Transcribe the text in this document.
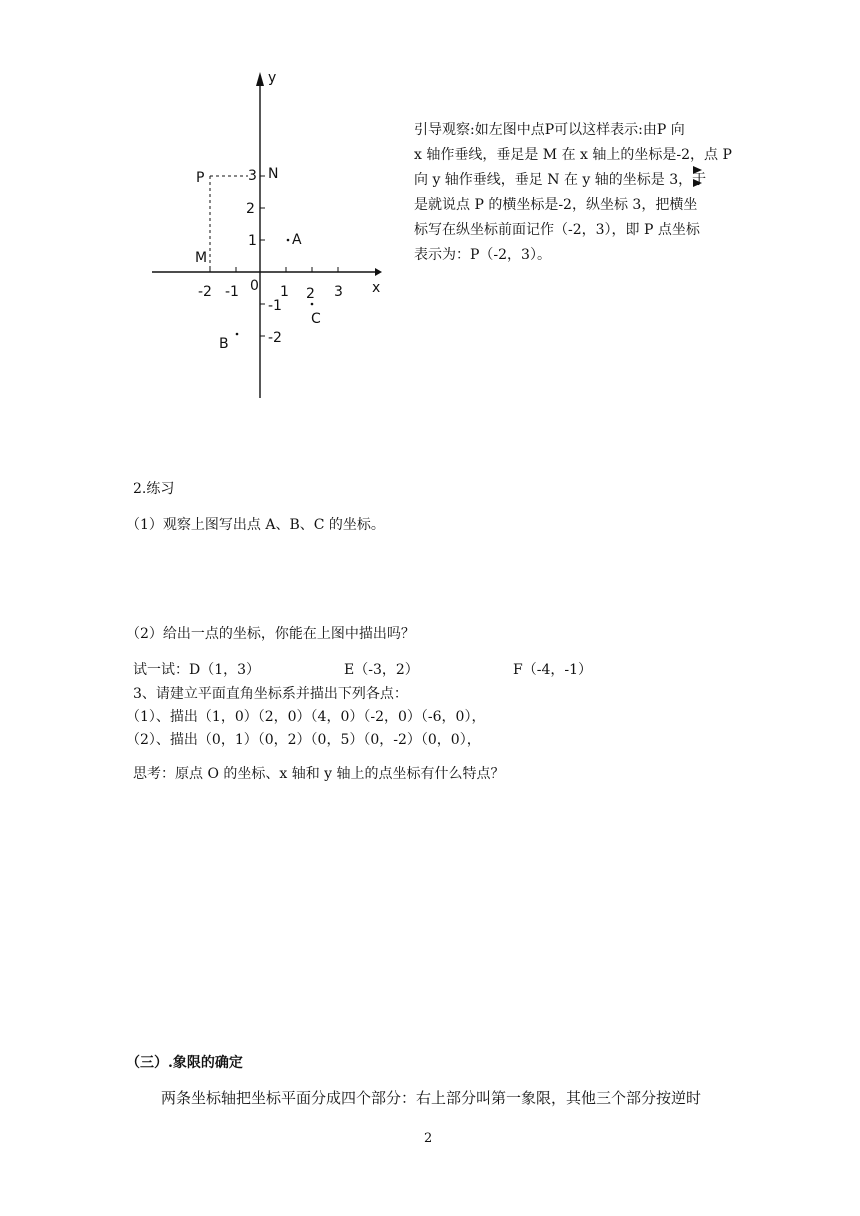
y
x
0
-2 -1	1 2 3
3
2
1
-1
-2
A
B
C
P	N
M
引导观察:如左图中点P可以这样表示:由P 向
x 轴作垂线，垂足是 M 在 x 轴上的坐标是-2，点 P
向 y 轴作垂线，垂足 N 在 y 轴的坐标是 3，于
是就说点 P 的横坐标是-2，纵坐标 3，把横坐
标写在纵坐标前面记作（-2，3），即 P 点坐标
表示为：P（-2，3）。
2.练习
（1）观察上图写出点 A、B、C 的坐标。
（2）给出一点的坐标，你能在上图中描出吗？
试一试：D（1，3）	E（-3，2）	F（-4，-1）
3、请建立平面直角坐标系并描出下列各点：
（1）、描出（1，0）（2，0）（4，0）（-2，0）（-6，0），
（2）、描出（0，1）（0，2）（0，5）（0，-2）（0，0），
思考：原点 O 的坐标、x 轴和 y 轴上的点坐标有什么特点？
（三）.象限的确定
两条坐标轴把坐标平面分成四个部分：右上部分叫第一象限，其他三个部分按逆时
2
